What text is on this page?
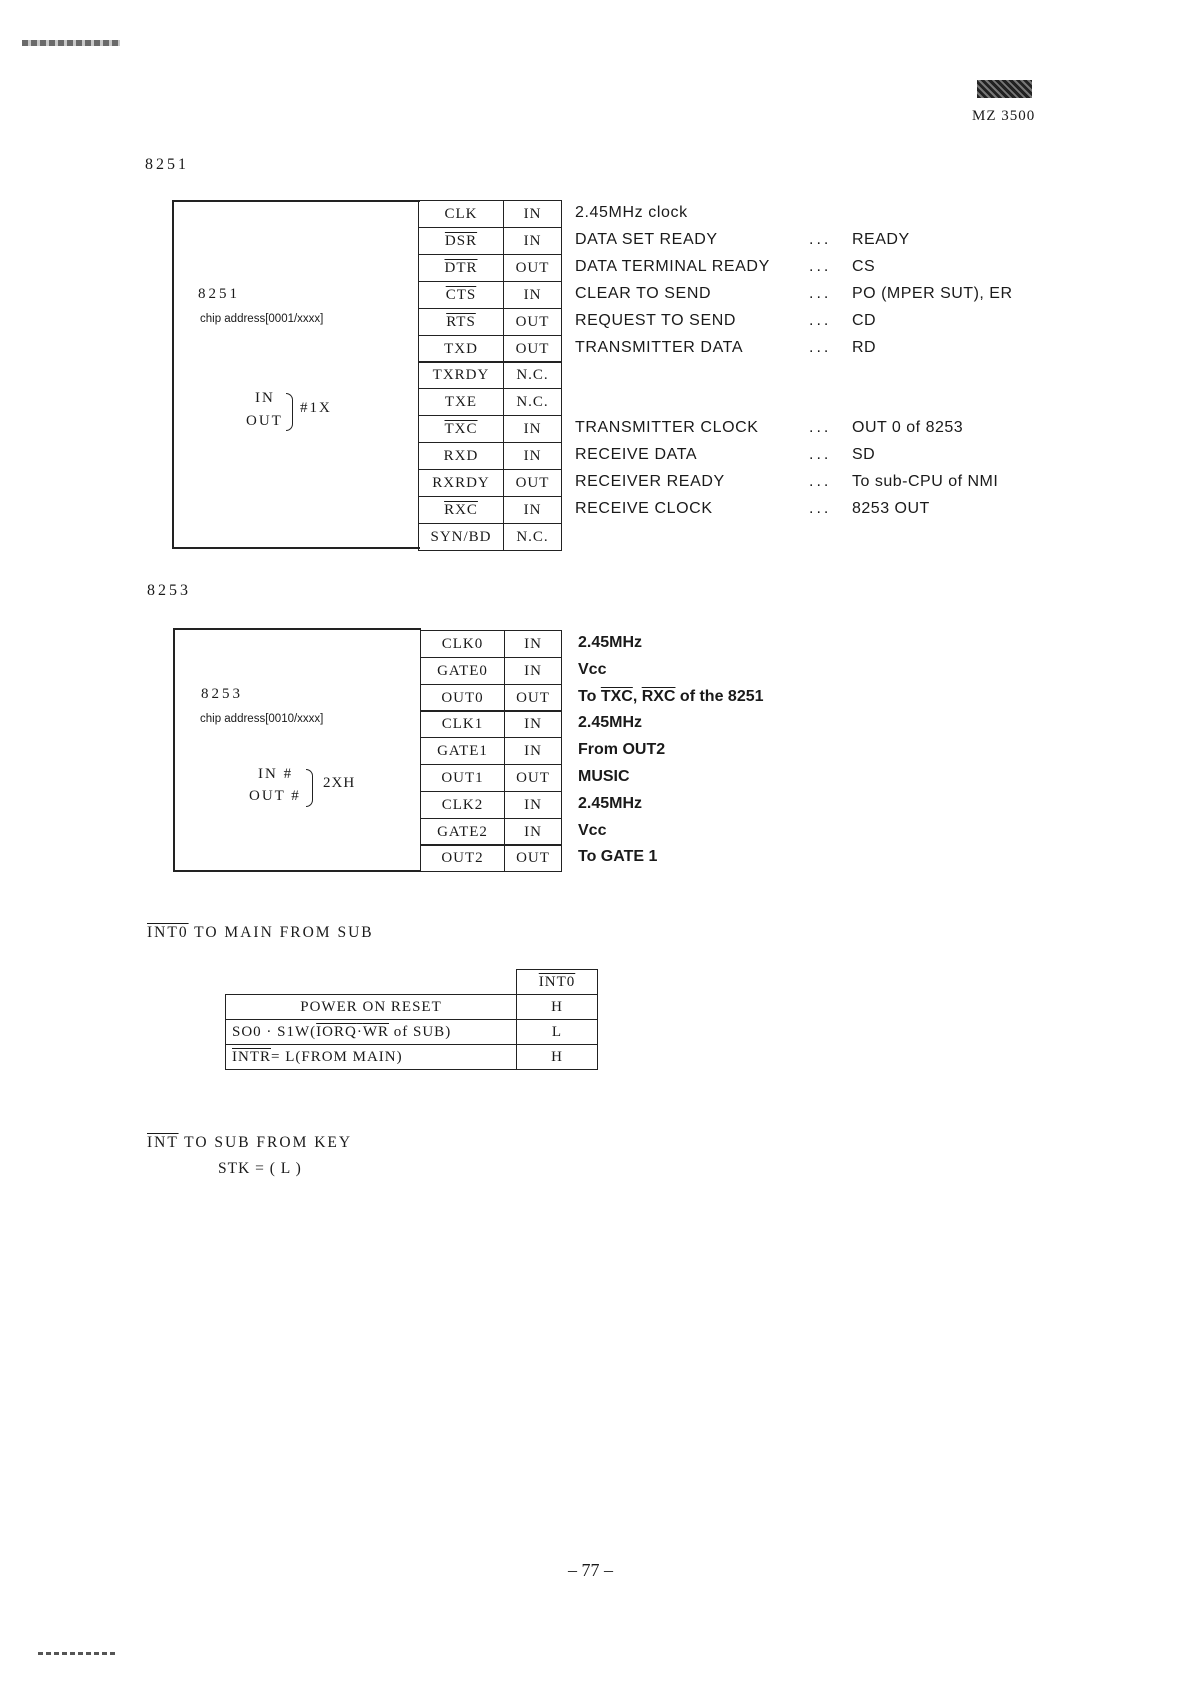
MZ 3500
8251
8251
chip address[0001/xxxx]
IN
OUT
#1X
CLK	IN	2.45MHz clock
$\overline{DSR}$	IN	DATA SET READY	... READY
$\overline{DTR}$	OUT	DATA TERMINAL READY ... CS
$\overline{CTS}$	IN	CLEAR TO SEND	... PO (MPER SUT), ER
$\overline{RTS}$	OUT	REQUEST TO SEND	... CD
TXD	OUT	TRANSMITTER DATA	... RD
TXRDY	N.C.
TXE	N.C.
$\overline{TXC}$	IN	TRANSMITTER CLOCK	... OUT 0 of 8253
RXD	IN	RECEIVE DATA	... SD
RXRDY	OUT	RECEIVER READY	... To sub-CPU of NMI
$\overline{RXC}$	IN	RECEIVE CLOCK	... 8253 OUT
SYN/BD	N.C.
8253
8253
chip address[0010/xxxx]
IN #
OUT #
2XH
CLK0	IN	2.45MHz
GATE0	IN	Vcc
OUT0	OUT	To $\overline{TXC}$, $\overline{RXC}$ of the 8251
CLK1	IN	2.45MHz
GATE1	IN	From OUT2
OUT1	OUT	MUSIC
CLK2	IN	2.45MHz
GATE2	IN	Vcc
OUT2	OUT	To GATE 1
INT0 TO MAIN FROM SUB
	INT0
POWER ON RESET	H
$SO0 \cdot S1W(IORQ\cdot\overline{WR}$ of SUB)	L
INTR= L(FROM MAIN)	H
$\overline{INT}$ TO SUB FROM KEY
STK = ( L )
– 77 –
